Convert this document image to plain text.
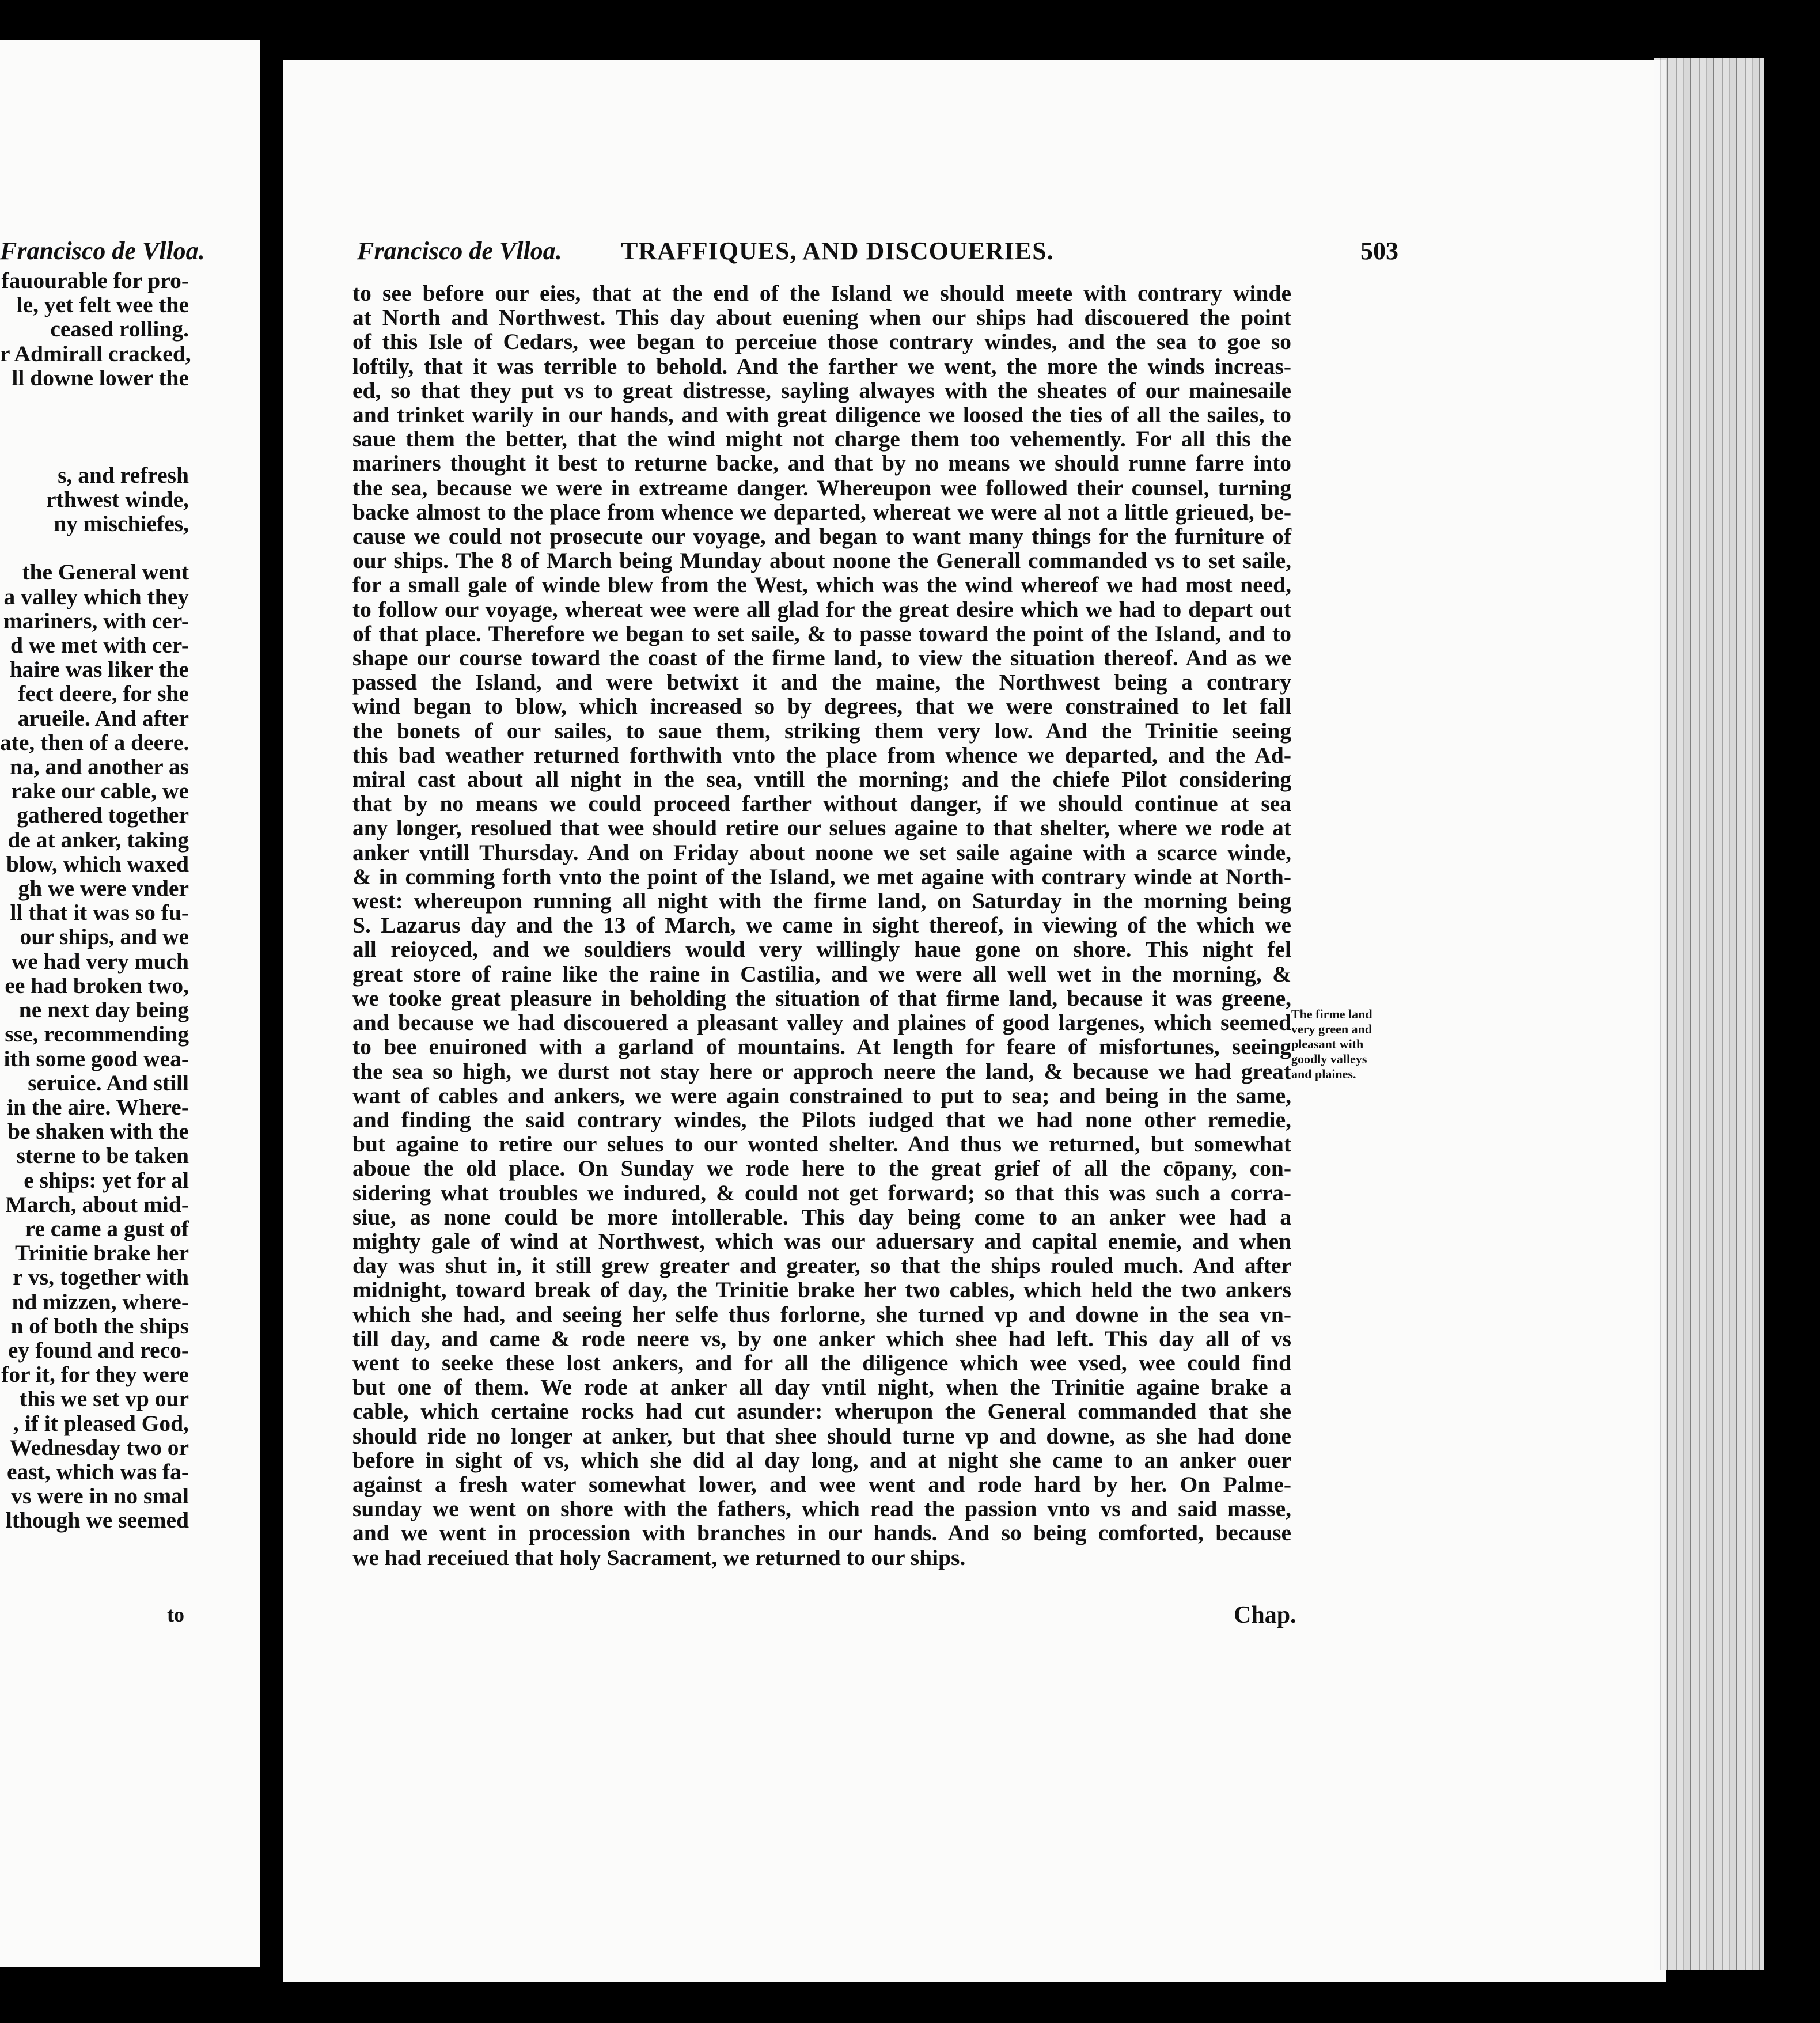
Francisco de Vlloa.
fauourable for pro-
le, yet felt wee the
ceased rolling.
r Admirall cracked,
ll downe lower the

s, and refresh
rthwest winde,
ny mischiefes,

the General went
a valley which they
mariners, with cer-
d we met with cer-
haire was liker the
fect deere, for she
arueile. And after
ate, then of a deere.
na, and another as
rake our cable, we
gathered together
de at anker, taking
blow, which waxed
gh we were vnder
ll that it was so fu-
our ships, and we
we had very much
ee had broken two,
ne next day being
sse, recommending
ith some good wea-
seruice. And still
in the aire. Where-
be shaken with the
sterne to be taken
e ships: yet for al
March, about mid-
re came a gust of
Trinitie brake her
r vs, together with
nd mizzen, where-
n of both the ships
ey found and reco-
for it, for they were
this we set vp our
, if it pleased God,
Wednesday two or
east, which was fa-
vs were in no smal
lthough we seemed
to
Francisco de Vlloa. TRAFFIQUES, AND DISCOUERIES.	503
to see before our eies, that at the end of the Island we should meete with contrary winde
at North and Northwest. This day about euening when our ships had discouered the point
of this Isle of Cedars, wee began to perceiue those contrary windes, and the sea to goe so
loftily, that it was terrible to behold. And the farther we went, the more the winds increas-
ed, so that they put vs to great distresse, sayling alwayes with the sheates of our mainesaile
and trinket warily in our hands, and with great diligence we loosed the ties of all the sailes, to
saue them the better, that the wind might not charge them too vehemently. For all this the
mariners thought it best to returne backe, and that by no means we should runne farre into
the sea, because we were in extreame danger. Whereupon wee followed their counsel, turning
backe almost to the place from whence we departed, whereat we were al not a little grieued, be-
cause we could not prosecute our voyage, and began to want many things for the furniture of
our ships. The 8 of March being Munday about noone the Generall commanded vs to set saile,
for a small gale of winde blew from the West, which was the wind whereof we had most need,
to follow our voyage, whereat wee were all glad for the great desire which we had to depart out
of that place. Therefore we began to set saile, & to passe toward the point of the Island, and to
shape our course toward the coast of the firme land, to view the situation thereof. And as we
passed the Island, and were betwixt it and the maine, the Northwest being a contrary
wind began to blow, which increased so by degrees, that we were constrained to let fall
the bonets of our sailes, to saue them, striking them very low. And the Trinitie seeing
this bad weather returned forthwith vnto the place from whence we departed, and the Ad-
miral cast about all night in the sea, vntill the morning; and the chiefe Pilot considering
that by no means we could proceed farther without danger, if we should continue at sea
any longer, resolued that wee should retire our selues againe to that shelter, where we rode at
anker vntill Thursday. And on Friday about noone we set saile againe with a scarce winde,
& in comming forth vnto the point of the Island, we met againe with contrary winde at North-
west: whereupon running all night with the firme land, on Saturday in the morning being
S. Lazarus day and the 13 of March, we came in sight thereof, in viewing of the which we
all reioyced, and we souldiers would very willingly haue gone on shore. This night fel
great store of raine like the raine in Castilia, and we were all well wet in the morning, &
we tooke great pleasure in beholding the situation of that firme land, because it was greene,
and because we had discouered a pleasant valley and plaines of good largenes, which seemed
to bee enuironed with a garland of mountains. At length for feare of misfortunes, seeing
the sea so high, we durst not stay here or approch neere the land, & because we had great
want of cables and ankers, we were again constrained to put to sea; and being in the same,
and finding the said contrary windes, the Pilots iudged that we had none other remedie,
but againe to retire our selues to our wonted shelter. And thus we returned, but somewhat
aboue the old place. On Sunday we rode here to the great grief of all the cōpany, con-
sidering what troubles we indured, & could not get forward; so that this was such a corra-
siue, as none could be more intollerable. This day being come to an anker wee had a
mighty gale of wind at Northwest, which was our aduersary and capital enemie, and when
day was shut in, it still grew greater and greater, so that the ships rouled much. And after
midnight, toward break of day, the Trinitie brake her two cables, which held the two ankers
which she had, and seeing her selfe thus forlorne, she turned vp and downe in the sea vn-
till day, and came & rode neere vs, by one anker which shee had left. This day all of vs
went to seeke these lost ankers, and for all the diligence which wee vsed, wee could find
but one of them. We rode at anker all day vntil night, when the Trinitie againe brake a
cable, which certaine rocks had cut asunder: wherupon the General commanded that she
should ride no longer at anker, but that shee should turne vp and downe, as she had done
before in sight of vs, which she did al day long, and at night she came to an anker ouer
against a fresh water somewhat lower, and wee went and rode hard by her. On Palme-
sunday we went on shore with the fathers, which read the passion vnto vs and said masse,
and we went in procession with branches in our hands. And so being comforted, because
we had receiued that holy Sacrament, we returned to our ships.
The firme land
very green and
pleasant with
goodly valleys
and plaines.
Chap.
